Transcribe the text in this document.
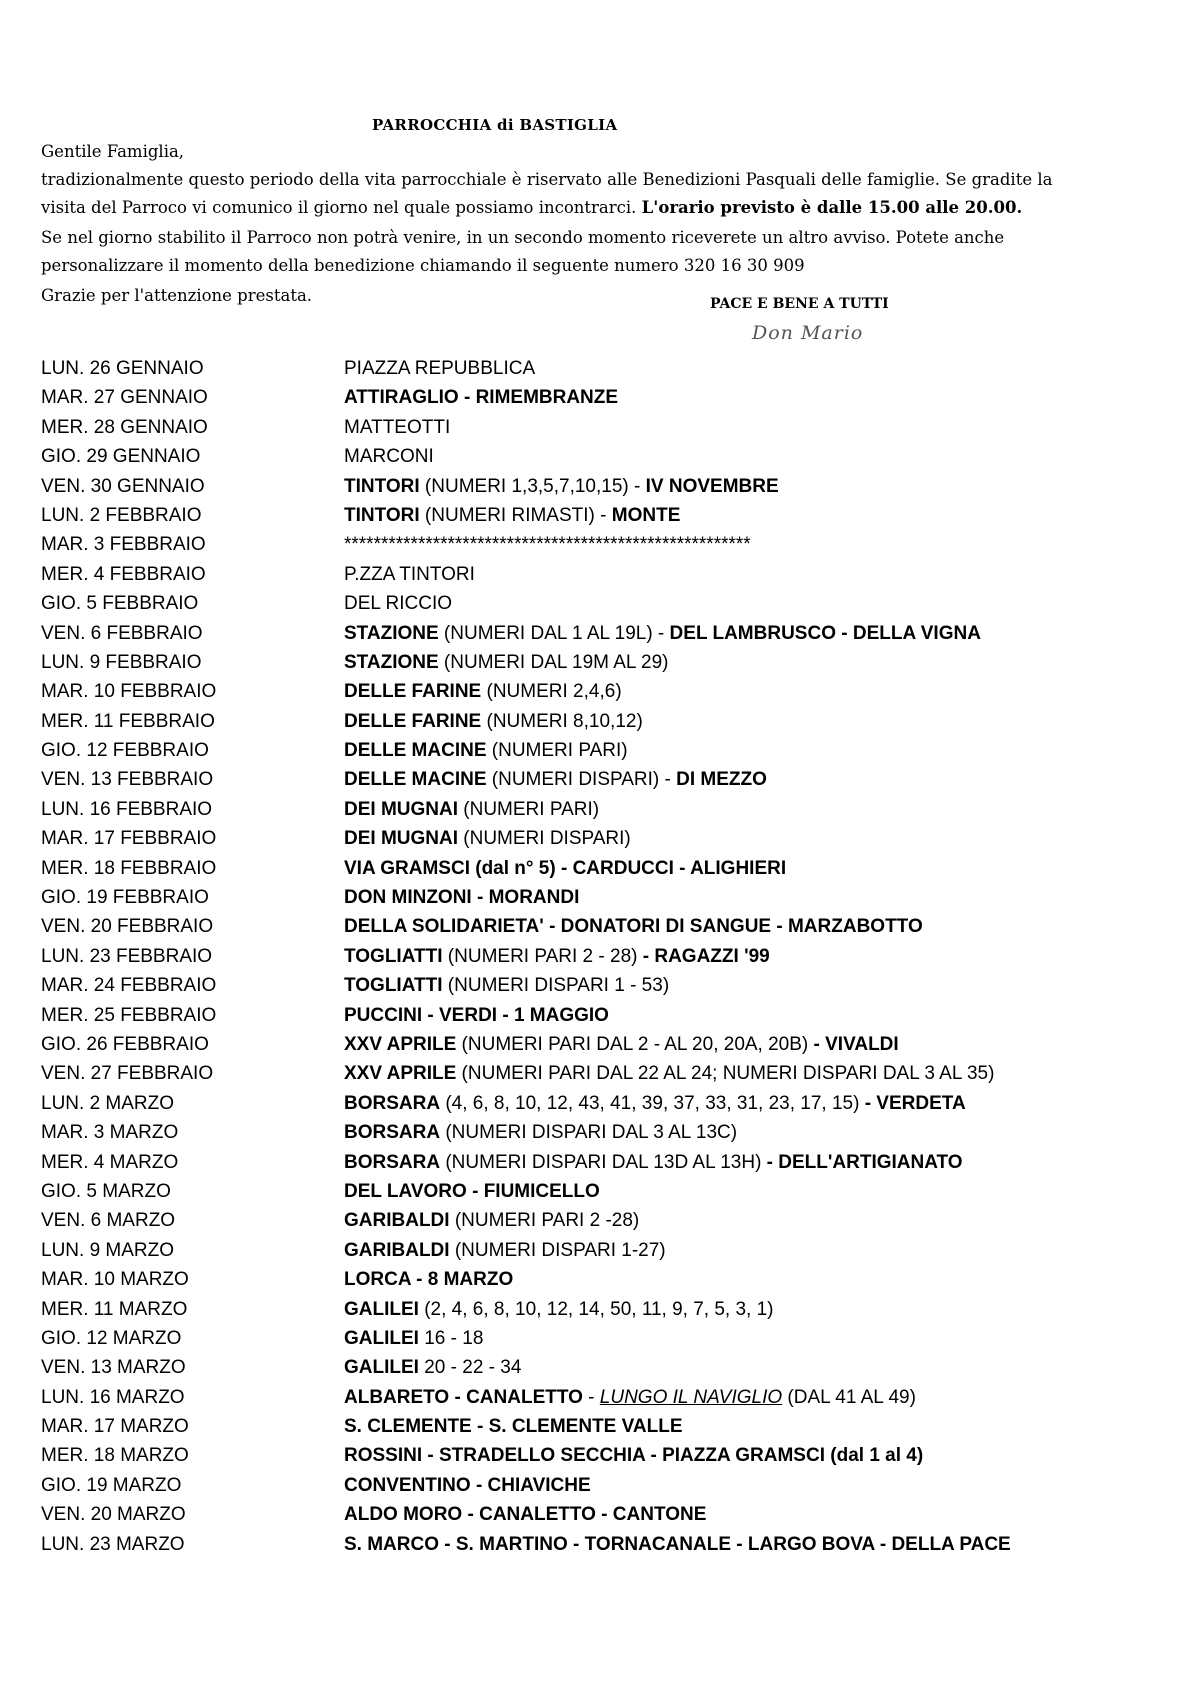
PARROCCHIA di BASTIGLIA
Gentile Famiglia,
tradizionalmente questo periodo della vita parrocchiale è riservato alle Benedizioni Pasquali delle famiglie. Se gradite la
visita del Parroco vi comunico il giorno nel quale possiamo incontrarci. L'orario previsto è dalle 15.00 alle 20.00.
Se nel giorno stabilito il Parroco non potrà venire, in un secondo momento riceverete un altro avviso. Potete anche
personalizzare il momento della benedizione chiamando il seguente numero 320 16 30 909
Grazie per l'attenzione prestata.	PACE E BENE A TUTTI
Don Mario
LUN. 26 GENNAIO	PIAZZA REPUBBLICA
MAR. 27 GENNAIO	ATTIRAGLIO - RIMEMBRANZE
MER. 28 GENNAIO	MATTEOTTI
GIO. 29 GENNAIO	MARCONI
VEN. 30 GENNAIO	TINTORI (NUMERI 1,3,5,7,10,15) - IV NOVEMBRE
LUN. 2 FEBBRAIO	TINTORI (NUMERI RIMASTI) - MONTE
MAR. 3 FEBBRAIO	*******************************************************
MER. 4 FEBBRAIO	P.ZZA TINTORI
GIO. 5 FEBBRAIO	DEL RICCIO
VEN. 6 FEBBRAIO	STAZIONE (NUMERI DAL 1 AL 19L) - DEL LAMBRUSCO - DELLA VIGNA
LUN. 9 FEBBRAIO	STAZIONE (NUMERI DAL 19M AL 29)
MAR. 10 FEBBRAIO	DELLE FARINE (NUMERI 2,4,6)
MER. 11 FEBBRAIO	DELLE FARINE (NUMERI 8,10,12)
GIO. 12 FEBBRAIO	DELLE MACINE (NUMERI PARI)
VEN. 13 FEBBRAIO	DELLE MACINE (NUMERI DISPARI) - DI MEZZO
LUN. 16 FEBBRAIO	DEI MUGNAI (NUMERI PARI)
MAR. 17 FEBBRAIO	DEI MUGNAI (NUMERI DISPARI)
MER. 18 FEBBRAIO	VIA GRAMSCI (dal n° 5) - CARDUCCI - ALIGHIERI
GIO. 19 FEBBRAIO	DON MINZONI - MORANDI
VEN. 20 FEBBRAIO	DELLA SOLIDARIETA' - DONATORI DI SANGUE - MARZABOTTO
LUN. 23 FEBBRAIO	TOGLIATTI (NUMERI PARI 2 - 28) - RAGAZZI '99
MAR. 24 FEBBRAIO	TOGLIATTI (NUMERI DISPARI 1 - 53)
MER. 25 FEBBRAIO	PUCCINI - VERDI - 1 MAGGIO
GIO. 26 FEBBRAIO	XXV APRILE (NUMERI PARI DAL 2 - AL 20, 20A, 20B) - VIVALDI
VEN. 27 FEBBRAIO	XXV APRILE (NUMERI PARI DAL 22 AL 24; NUMERI DISPARI DAL 3 AL 35)
LUN. 2 MARZO	BORSARA (4, 6, 8, 10, 12, 43, 41, 39, 37, 33, 31, 23, 17, 15) - VERDETA
MAR. 3 MARZO	BORSARA (NUMERI DISPARI DAL 3 AL 13C)
MER. 4 MARZO	BORSARA (NUMERI DISPARI DAL 13D AL 13H) - DELL'ARTIGIANATO
GIO. 5 MARZO	DEL LAVORO - FIUMICELLO
VEN. 6 MARZO	GARIBALDI (NUMERI PARI 2 -28)
LUN. 9 MARZO	GARIBALDI (NUMERI DISPARI 1-27)
MAR. 10 MARZO	LORCA - 8 MARZO
MER. 11 MARZO	GALILEI (2, 4, 6, 8, 10, 12, 14, 50, 11, 9, 7, 5, 3, 1)
GIO. 12 MARZO	GALILEI 16 - 18
VEN. 13 MARZO	GALILEI 20 - 22 - 34
LUN. 16 MARZO	ALBARETO - CANALETTO - LUNGO IL NAVIGLIO (DAL 41 AL 49)
MAR. 17 MARZO	S. CLEMENTE - S. CLEMENTE VALLE
MER. 18 MARZO	ROSSINI - STRADELLO SECCHIA - PIAZZA GRAMSCI (dal 1 al 4)
GIO. 19 MARZO	CONVENTINO - CHIAVICHE
VEN. 20 MARZO	ALDO MORO - CANALETTO - CANTONE
LUN. 23 MARZO	S. MARCO - S. MARTINO - TORNACANALE - LARGO BOVA - DELLA PACE
